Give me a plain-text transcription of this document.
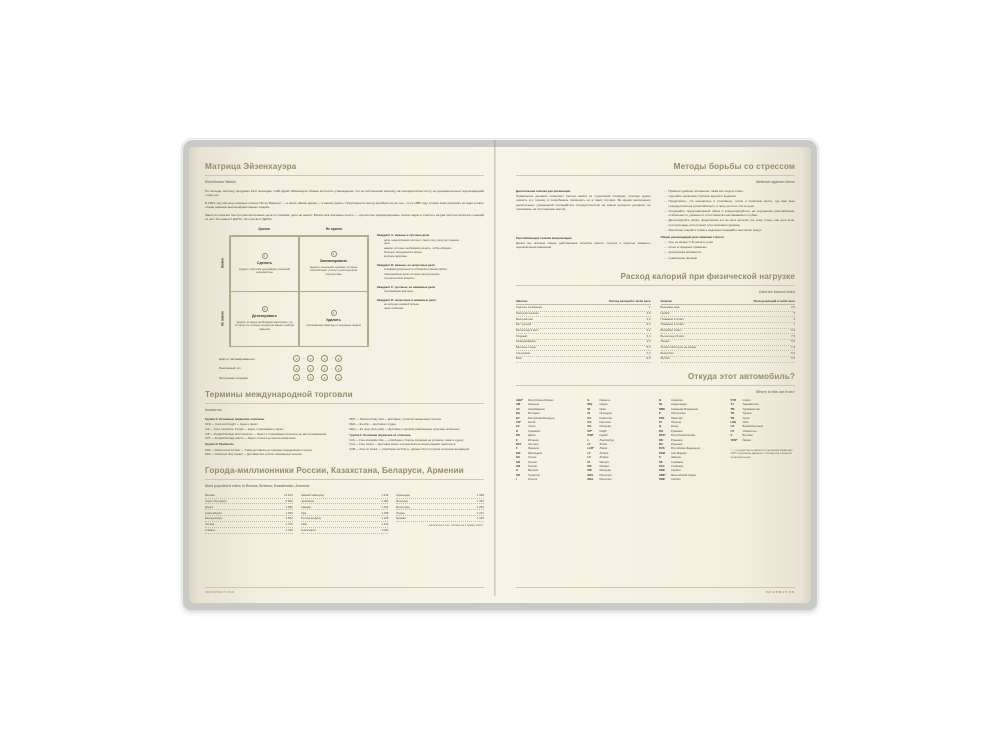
Матрица Эйзенхауэра
Eisenhower Matrix

По легенде, матрицу придумал 34-й президент США Дуайт Эйзенхауэр. Можно встретить утверждение, что он использовал матрицу на президентском посту, но документальных подтверждений этому нет.

В 1954 году матрицу впервые описал Питер Баккерст — в книге «Ваше время — в ваших руках». Популярность метод приобрёл из-за того, что в 1989 году Стивен Кови расписал её идеи в книге «Семь навыков высокоэффективных людей».

Занести помогает быстро рассортировать дела по спискам, дело не значит. Всякое всё значимее просто — достаточно сформулировать список задач и ответить на два простых вопроса о каждой из них: Это важно? Да/Нет. Это срочно? Да/Нет.

Срочно	Не срочно
Важно
Не важно
1
Сделать
задачи с жёстким дедлайном и высокой значимостью
2
Запланировать
задачи с неясными сроками, которые способствуют успеху в долгосрочной перспективе
3
Делегировать
задачи, которые необходимо выполнить, но которые не требуют конкретно вашего набора навыков
4
Удалить
отвлекающие факторы и ненужные задачи
Квадрант A: важные и срочные дела
· дела, невыполнение которых ставит под угрозу достижение цели
· аварии, которые необходимо решить, чтобы избежать больших затруднений в жизни
· вопросы здоровья
Квадрант B: важные, но несрочные дела
· основная деятельность и бизнеса и вашей работе
· повседневные дела, которые нельзя решить
· стратегические вопросы
Квадрант C: срочные, но неважные дела
· отвлекающие факторы
Квадрант D: несрочные и неважные дела
· не несущие никакой пользы
· наши любимые
Цикл от запланированного	1	→	2	→	3	→	4
Реактивный тип	3	→	1	→	4	→	2
Экстренная ситуация	1	→	3	→	2	→	4
Термины международной торговли
Incoterms
Группа C. Основные перевозки оплачены
CFR — Cost and Freight — Цена и фрахт
CIF — Cost, Insurance, Freight — Цена, страхование и фрахт
CIP — Freight/Carriage and Insurance — Фрахт и страхование оплачены до места назначения
CPT — Freight/carriage paid to — Фрахт оплачен до места назначения
Группа D. Прибытие
DAF — Delivered at Frontier — Товар доставлен до границы определённого пункта
DDU — Delivered duty unpaid — Доставка без уплаты таможенных пошлин
DDP — Delivered duty paid — Доставка с уплатой таможенных пошлин
DES — Ex-ship — Доставка с судна
DEQ — Ex quay (duty paid) — Доставка с причала (таможенные пошлины оплачены)
Группа F. Основная перевозка не оплачена
FAS — Free alongside ship — «Свободно у борта» (продажа на условиях товар в судно)
FCA — Free carrier — Доставка может осуществляться всеми видами транспорта
FOB — Free on board — «Свободно на борту», франко-борт (отгрузка оплачена продавцом)
Города-миллионники России, Казахстана, Беларуси, Армении
Most populated cities in Russia, Belarus, Kazakhstan, Armenia
Москва	13 104
Санкт-Петербург	5 600
Минск	1 995
Новосибирск	1 635
Екатеринбург	1 544
Астана	1 376
Алматы	1 316
Нижний Новгород	1 213
Челябинск	1 184
Самара	1 164
Уфа	1 158
Ростов-на-Дону	1 136
Омск	1 110
Красноярск	1 092
Краснодар	1 094
Воронеж	1 057
Волгоград	1 052
Пермь	1 027
Ереван	1 025
Население в тыс. человек на 1 января 2023 г.
INFORMATION
Методы борьбы со стрессом
Methods against stress
Дыхательная техника для релаксации

Правильное дыхание позволяет быстро выйти из стрессовой ситуации, поэтому нужно освоить эту технику и попробовать применять её в таких случаях. Во время выполнения дыхательных упражнений постарайтесь сосредоточиться на самом процессе дыхания, не отвлекаясь на посторонние мысли.

Расслабляющая техника визуализации

Далее мы опишем самые действенные способы снятия стресса и простые моменты переключения внимания.

— Примите удобное положение: лёжа или сидя в спине.
— Сделайте несколько глубоких вдохов и выдохов.
— Представьте, что находитесь в спокойном, тихом и приятном месте, где вам весь сосредоточиться и расслабиться, в лесу, на поле или в горах.
— Сохраняйте представляемый образ и концентрируйтесь на ощущениях расслабления, стабильности, уровень от и постоянство настаиваемого глубже.
— Детализируйте образ, представляя его во всех деталях (по чему птицы, как урок воли, или прохлада, или оттенки тучи соснового дерева).
— Мысленно откройте глаза и медленно передайте мысленно вокруг.
Общие рекомендации для снижения стресса
— Сон не менее 7–8 часов в сутки
— отказ от вредных привычек
— физическая активность
— правильное питание
Расход калорий при физической нагрузке
Calories burned chart
Занятие	Расход калорий в час/кг веса
Сидячее положение	1
Прогулки пешком	2,8
Быстрый шаг	3,9
Бег трусцой	6,2
Велосипед 9 км/ч	3,2
Ягодный	6,4
Скандинавская	4,5
Бальные танцы	5,5
Альпинизм	7,0
Бокс	9,8
Занятие	Расход калорий в час/кг веса
Верховая езда	2,5
Гребля	5
Плавание 0,4 км/ч	3
Плавание 2,4 км/ч	7
Волейбол 9 км/ч	5,5
Велосипед 20 км/ч	7,5
Теннис	5,5
Скоростной спуск на лыжах	1,9
Баскетбол	5,6
Футбол	6,5
Откуда этот автомобиль?
Where is this car from?
ABH*	Республика Абхазия
AM	Армения
AZ	Азербайджан
BG	Болгария
BY	Республика Беларусь
CN*	Китай
CZ	Чехия
D	Германия
DK	Дания
E	Испания
EST	Эстония
F	Франция
FIN	Финляндия
GE	Грузия
GR	Греция
GB	Греция
H	Венгрия
HR	Хорватия
I	Италия
IL	Израиль
IRQ	Индия
IR	Иран
IS	Исландия
KZ	Казахстан
KG	Киргизия
KS	Молдова
KP*	КНДР
KWT	Кувейт
L	Люксембург
LT	Литва
LAR*	Ливия
LT	Латвия
LV	Латвия
M	Мальта
MC	Монако
MD	Молдова
MGL	Монголия
MGL	Монголия
N	Норвегия
NL	Нидерланды
NMK	Северная Македония
P	Португалия
PAK	Пакистан
PL	Польша
Q	Катар
RO	Румыния
RKS*	Республика Косово
RO	Румыния
RU	Румыния
RUS	Российская Федерация
RSM	Сан-Марино
S	Швеция
SK	Словакия
SLO	Словения
SRB	Сербия
SME*	Мальтийский Орден
SRB	Сербия
SYR	Сирия
TJ	Таджикистан
TM	Туркменистан
TR	Турция
TN	Тунис
UAE	ОАЭ
UA	Великобритания
UZ	Узбекистан
V	Ватикан
YEM*	Йемен
* — государство не является участником Конвенции ООН о дорожном движении, поэтому код считается неофициальным.
INFORMATION
